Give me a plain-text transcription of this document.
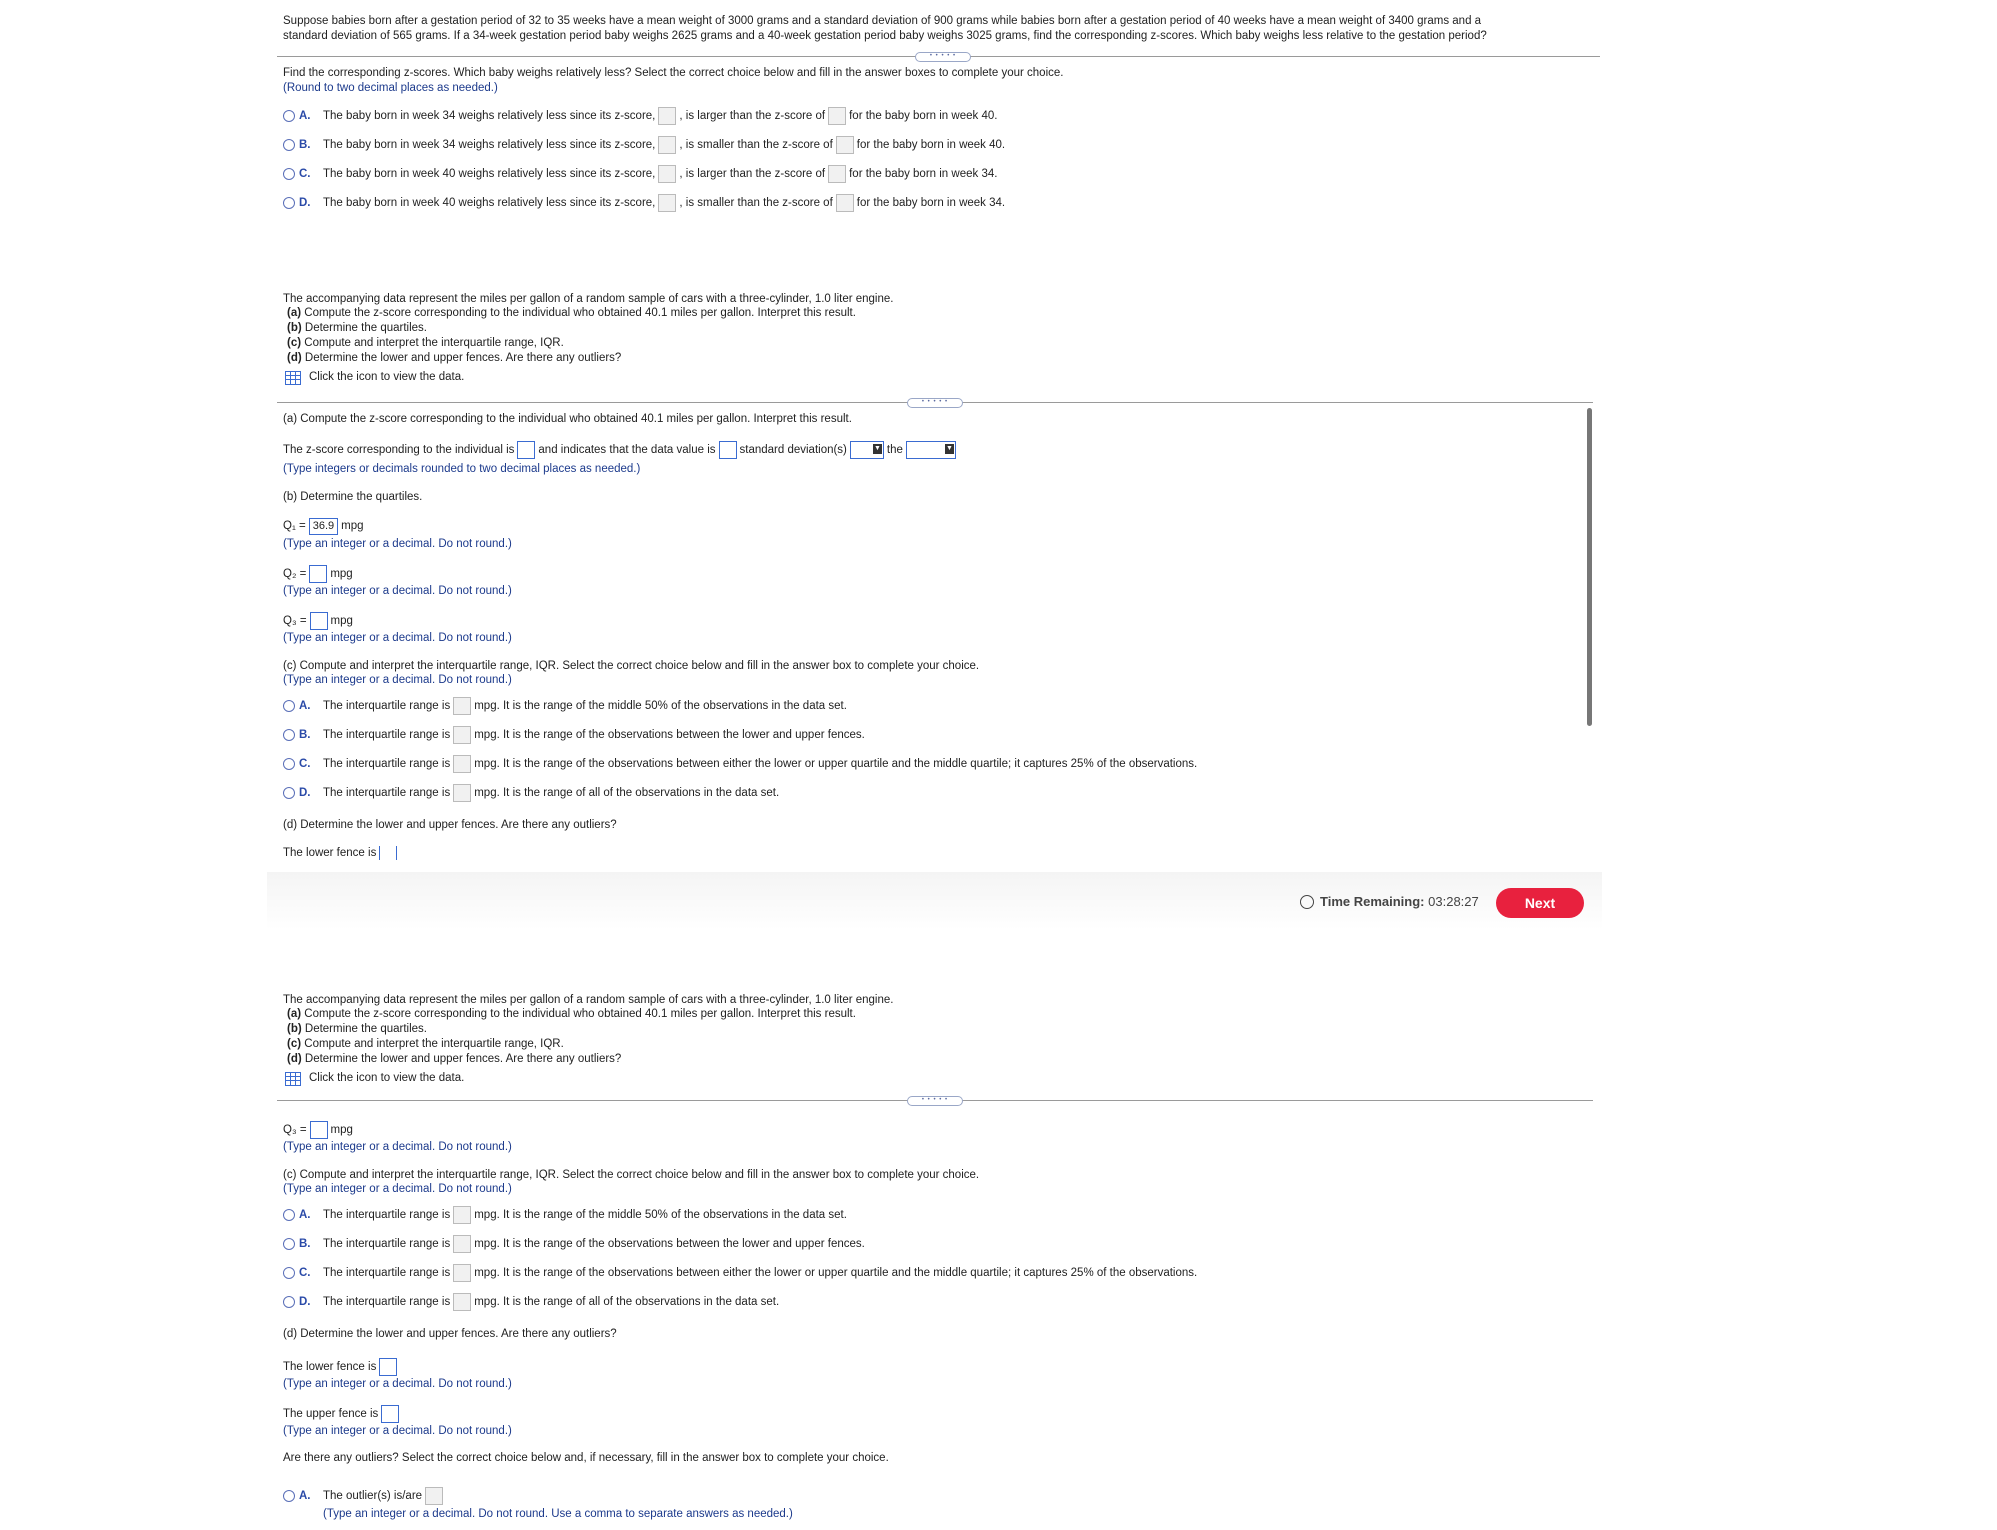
Suppose babies born after a gestation period of 32 to 35 weeks have a mean weight of 3000 grams and a standard deviation of 900 grams while babies born after a gestation period of 40 weeks have a mean weight of 3400 grams and a
standard deviation of 565 grams. If a 34-week gestation period baby weighs 2625 grams and a 40-week gestation period baby weighs 3025 grams, find the corresponding z-scores. Which baby weighs less relative to the gestation period?
• • • • •
Find the corresponding z-scores. Which baby weighs relatively less? Select the correct choice below and fill in the answer boxes to complete your choice.
(Round to two decimal places as needed.)
A. The baby born in week 34 weighs relatively less since its z-score, , is larger than the z-score of for the baby born in week 40.
B. The baby born in week 34 weighs relatively less since its z-score, , is smaller than the z-score of for the baby born in week 40.
C. The baby born in week 40 weighs relatively less since its z-score, , is larger than the z-score of for the baby born in week 34.
D. The baby born in week 40 weighs relatively less since its z-score, , is smaller than the z-score of for the baby born in week 34.
The accompanying data represent the miles per gallon of a random sample of cars with a three-cylinder, 1.0 liter engine.
(a) Compute the z-score corresponding to the individual who obtained 40.1 miles per gallon. Interpret this result.
(b) Determine the quartiles.
(c) Compute and interpret the interquartile range, IQR.
(d) Determine the lower and upper fences. Are there any outliers?
Click the icon to view the data.
• • • • •
(a) Compute the z-score corresponding to the individual who obtained 40.1 miles per gallon. Interpret this result.
The z-score corresponding to the individual is and indicates that the data value is standard deviation(s)	▼ the	▼
(Type integers or decimals rounded to two decimal places as needed.)
(b) Determine the quartiles.
Q₁ = 36.9 mpg
(Type an integer or a decimal. Do not round.)
Q₂ = mpg
(Type an integer or a decimal. Do not round.)
Q₃ = mpg
(Type an integer or a decimal. Do not round.)
(c) Compute and interpret the interquartile range, IQR. Select the correct choice below and fill in the answer box to complete your choice.
(Type an integer or a decimal. Do not round.)
A. The interquartile range is mpg. It is the range of the middle 50% of the observations in the data set.
B. The interquartile range is mpg. It is the range of the observations between the lower and upper fences.
C. The interquartile range is mpg. It is the range of the observations between either the lower or upper quartile and the middle quartile; it captures 25% of the observations.
D. The interquartile range is mpg. It is the range of all of the observations in the data set.
(d) Determine the lower and upper fences. Are there any outliers?
The lower fence is
Time Remaining:
03:28:27	Next
The accompanying data represent the miles per gallon of a random sample of cars with a three-cylinder, 1.0 liter engine.
(a) Compute the z-score corresponding to the individual who obtained 40.1 miles per gallon. Interpret this result.
(b) Determine the quartiles.
(c) Compute and interpret the interquartile range, IQR.
(d) Determine the lower and upper fences. Are there any outliers?
Click the icon to view the data.
• • • • •
Q₃ = mpg
(Type an integer or a decimal. Do not round.)
(c) Compute and interpret the interquartile range, IQR. Select the correct choice below and fill in the answer box to complete your choice.
(Type an integer or a decimal. Do not round.)
A. The interquartile range is mpg. It is the range of the middle 50% of the observations in the data set.
B. The interquartile range is mpg. It is the range of the observations between the lower and upper fences.
C. The interquartile range is mpg. It is the range of the observations between either the lower or upper quartile and the middle quartile; it captures 25% of the observations.
D. The interquartile range is mpg. It is the range of all of the observations in the data set.
(d) Determine the lower and upper fences. Are there any outliers?
The lower fence is
(Type an integer or a decimal. Do not round.)
The upper fence is
(Type an integer or a decimal. Do not round.)
Are there any outliers? Select the correct choice below and, if necessary, fill in the answer box to complete your choice.
A. The outlier(s) is/are
(Type an integer or a decimal. Do not round. Use a comma to separate answers as needed.)
